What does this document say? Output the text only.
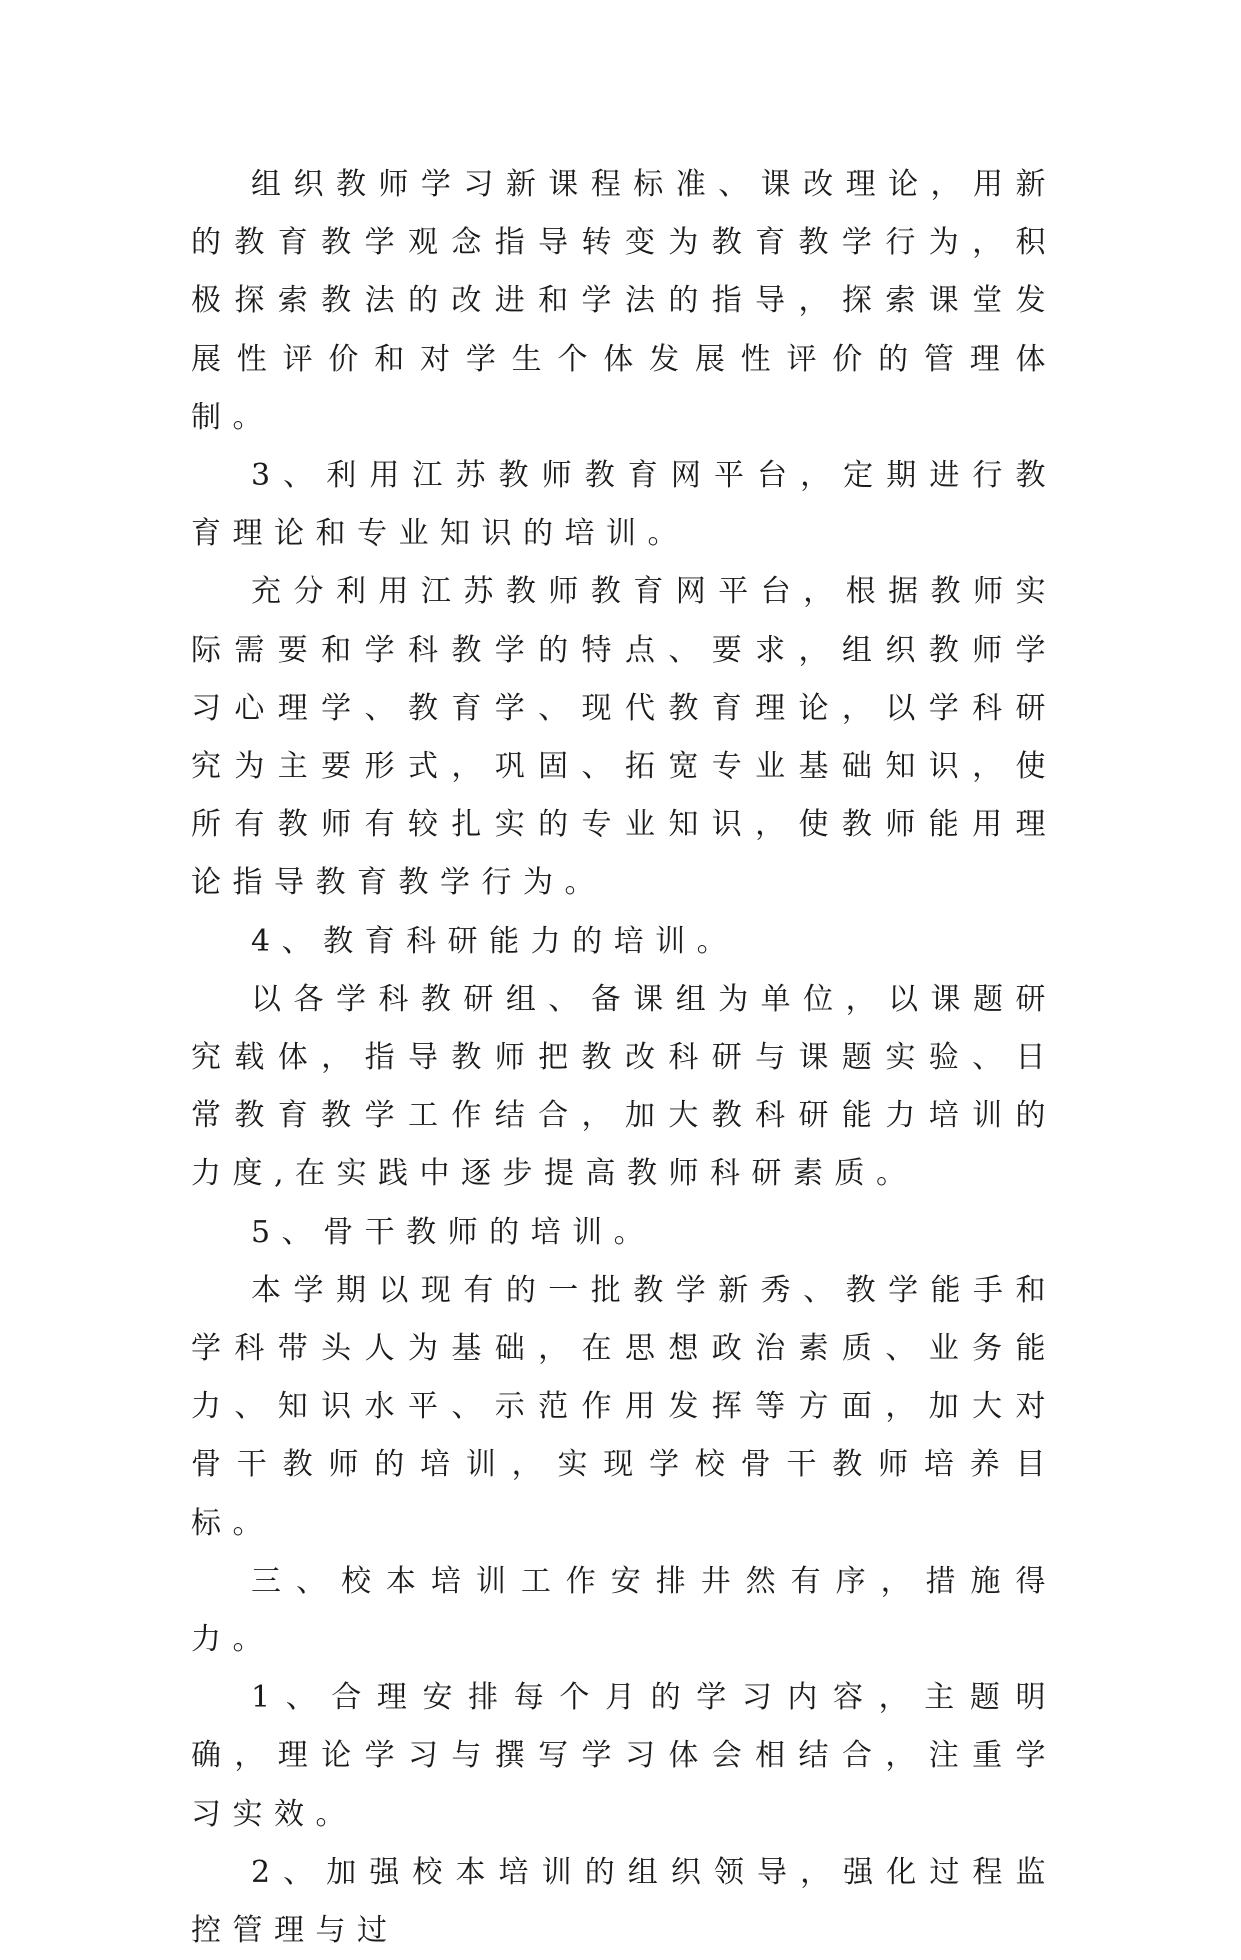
组织教师学习新课程标准、课改理论，用新的教育教学观念指导转变为教育教学行为，积极探索教法的改进和学法的指导，探索课堂发展性评价和对学生个体发展性评价的管理体制。

3、利用江苏教师教育网平台，定期进行教育理论和专业知识的培训。

充分利用江苏教师教育网平台，根据教师实际需要和学科教学的特点、要求，组织教师学习心理学、教育学、现代教育理论，以学科研究为主要形式，巩固、拓宽专业基础知识，使所有教师有较扎实的专业知识，使教师能用理论指导教育教学行为。

4、教育科研能力的培训。

以各学科教研组、备课组为单位，以课题研究载体，指导教师把教改科研与课题实验、日常教育教学工作结合，加大教科研能力培训的力度,在实践中逐步提高教师科研素质。

5、骨干教师的培训。

本学期以现有的一批教学新秀、教学能手和学科带头人为基础，在思想政治素质、业务能力、知识水平、示范作用发挥等方面，加大对骨干教师的培训，实现学校骨干教师培养目标。

三、校本培训工作安排井然有序，措施得力。

1、合理安排每个月的学习内容，主题明确，理论学习与撰写学习体会相结合，注重学习实效。

2、加强校本培训的组织领导，强化过程监控管理与过
